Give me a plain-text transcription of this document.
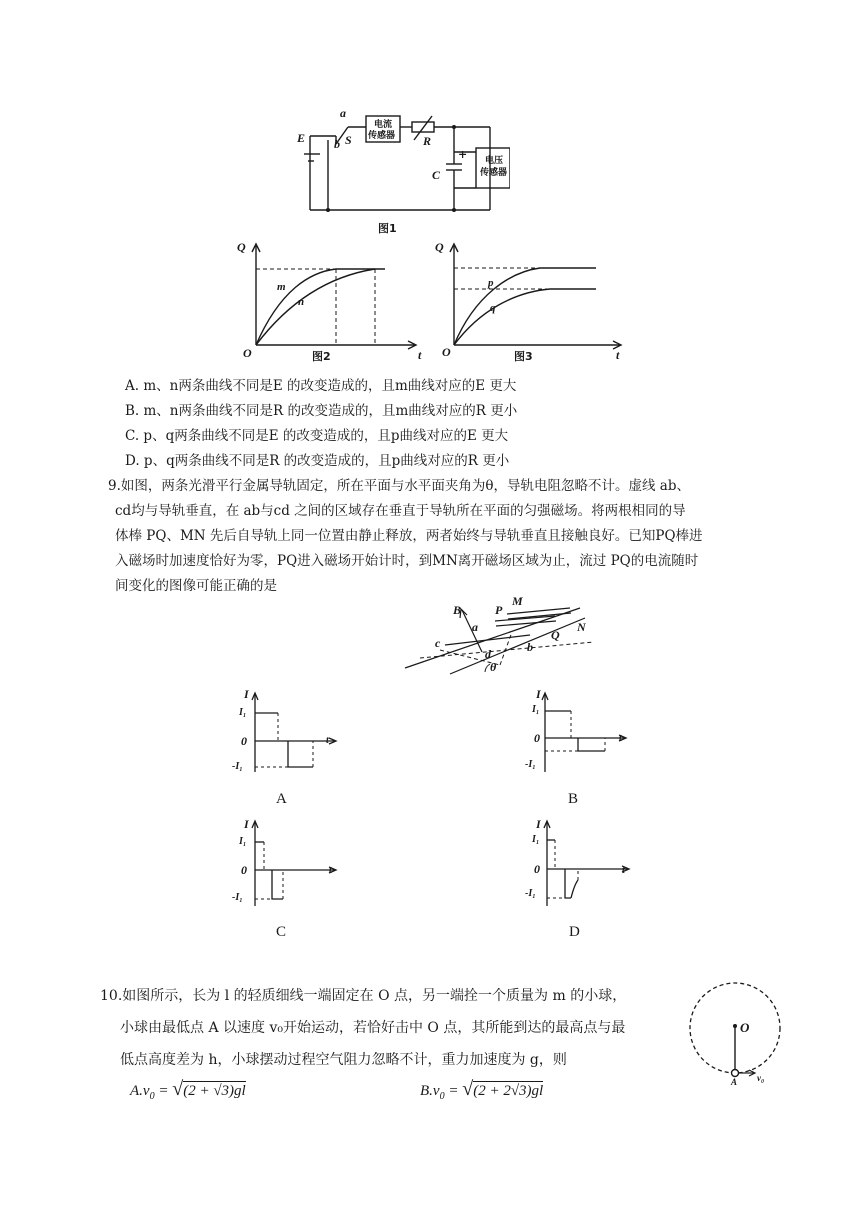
E
a
b S	R
C
+
电流
传感器
电压
传感器
图1
Q
O	t
m
n
图2
Q
O	t
p
q
图3
A. m、n两条曲线不同是E 的改变造成的，且m曲线对应的E 更大
B. m、n两条曲线不同是R 的改变造成的，且m曲线对应的R 更小
C. p、q两条曲线不同是E 的改变造成的，且p曲线对应的E 更大
D. p、q两条曲线不同是R 的改变造成的，且p曲线对应的R 更小
9.如图，两条光滑平行金属导轨固定，所在平面与水平面夹角为θ，导轨电阻忽略不计。虚线 ab、
cd均与导轨垂直，在 ab与cd 之间的区域存在垂直于导轨所在平面的匀强磁场。将两根相同的导
体棒 PQ、MN 先后自导轨上同一位置由静止释放，两者始终与导轨垂直且接触良好。已知PQ棒进
入磁场时加速度恰好为零，PQ进入磁场开始计时，到MN离开磁场区域为止，流过 PQ的电流随时
间变化的图像可能正确的是
B	P
M
N
Q
a
b
c
d
θ
I
I₁
0
-I₁
t
A
I
I₁
0
-I₁
t
B
I
I₁
0
-I₁
t
C
I
I₁
0
-I₁
t
D
10.如图所示，长为 l 的轻质细线一端固定在 O 点，另一端拴一个质量为 m 的小球，
小球由最低点 A 以速度 v₀开始运动，若恰好击中 O 点，其所能到达的最高点与最
低点高度差为 h，小球摆动过程空气阻力忽略不计，重力加速度为 g，则
$A.v_0 = √(2 + √3)gl$	$B.v_0 = √(2 + 2√3)gl$
O
A v₀
